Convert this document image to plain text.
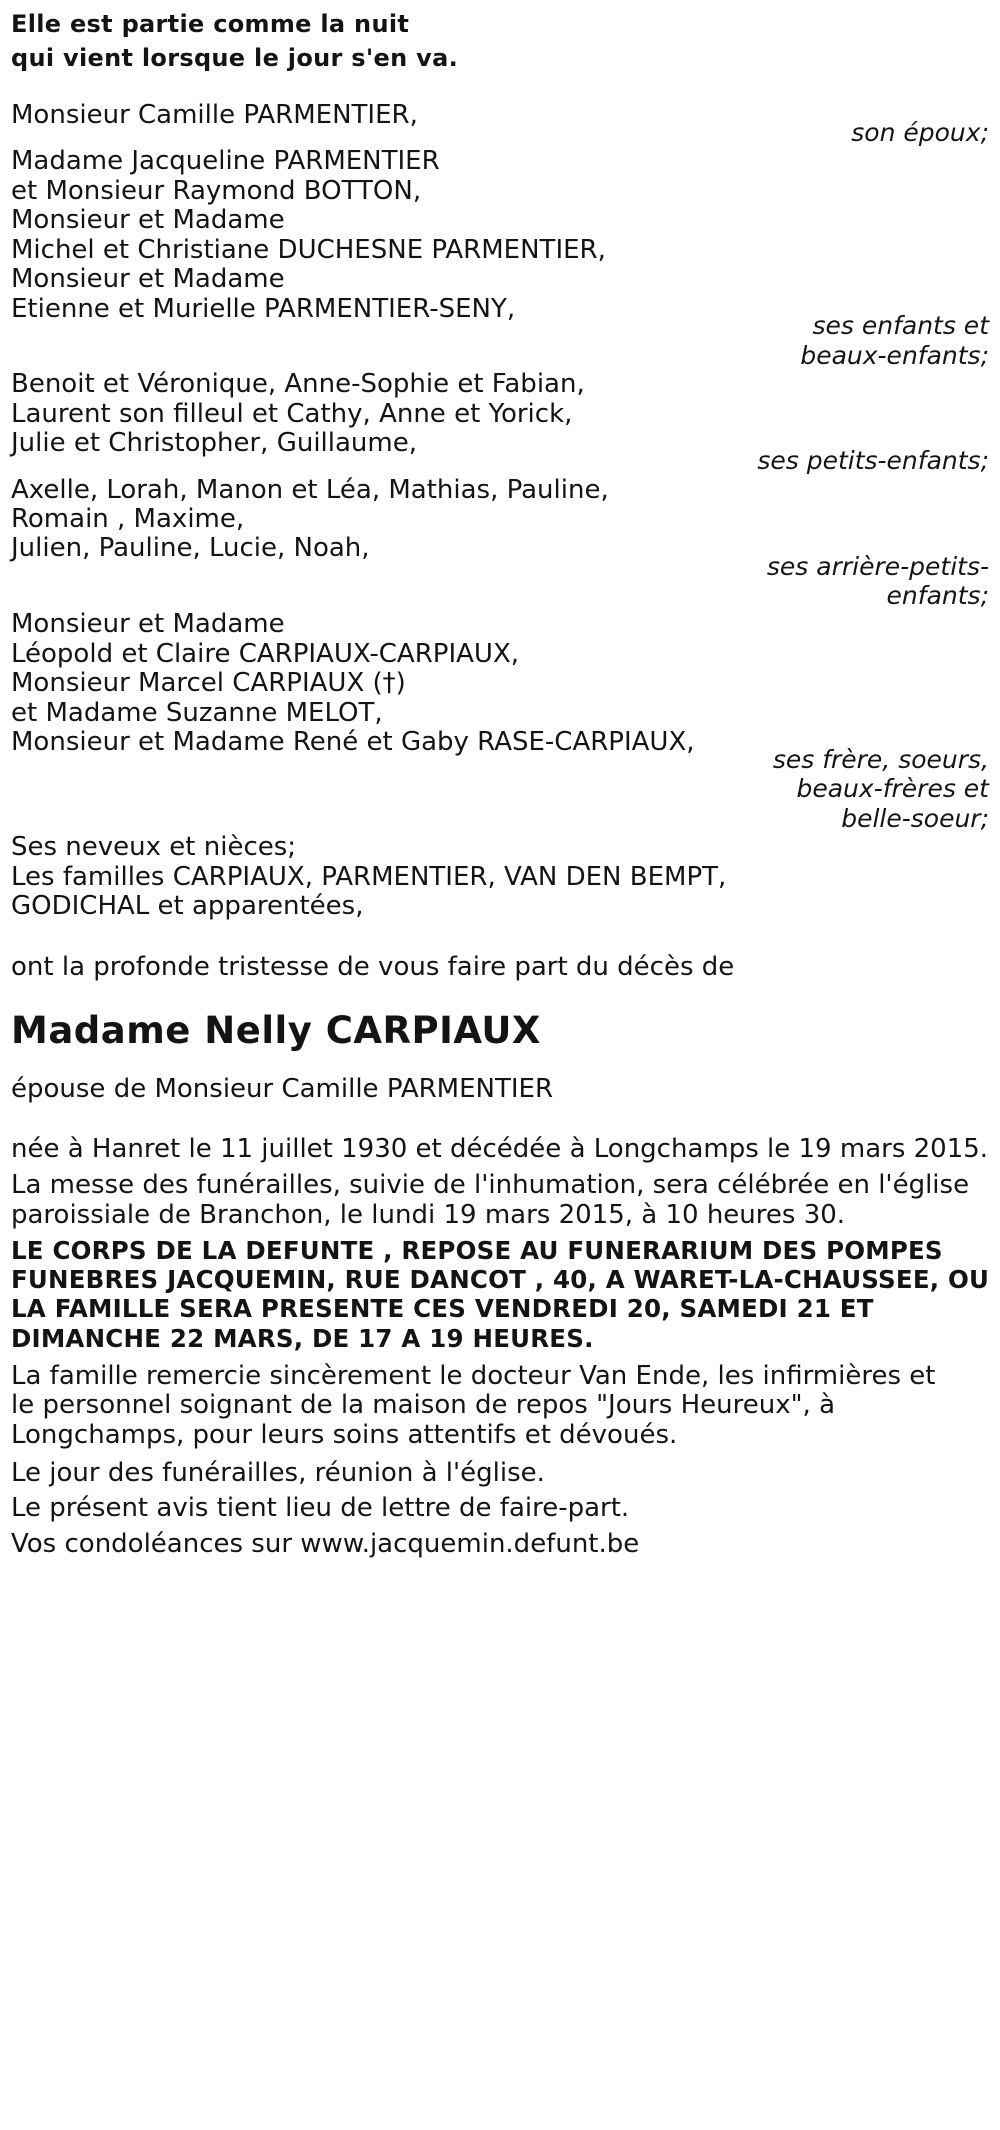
Elle est partie comme la nuit
qui vient lorsque le jour s'en va.
Monsieur Camille PARMENTIER,
son époux;
Madame Jacqueline PARMENTIER
et Monsieur Raymond BOTTON,
Monsieur et Madame
Michel et Christiane DUCHESNE PARMENTIER,
Monsieur et Madame
Etienne et Murielle PARMENTIER-SENY,
ses enfants et
beaux-enfants;
Benoit et Véronique, Anne-Sophie et Fabian,
Laurent son filleul et Cathy, Anne et Yorick,
Julie et Christopher, Guillaume,
ses petits-enfants;
Axelle, Lorah, Manon et Léa, Mathias, Pauline,
Romain , Maxime,
Julien, Pauline, Lucie, Noah,
ses arrière-petits-
enfants;
Monsieur et Madame
Léopold et Claire CARPIAUX-CARPIAUX,
Monsieur Marcel CARPIAUX (†)
et Madame Suzanne MELOT,
Monsieur et Madame René et Gaby RASE-CARPIAUX,
ses frère, soeurs,
beaux-frères et
belle-soeur;
Ses neveux et nièces;
Les familles CARPIAUX, PARMENTIER, VAN DEN BEMPT,
GODICHAL et apparentées,
ont la profonde tristesse de vous faire part du décès de
Madame Nelly CARPIAUX
épouse de Monsieur Camille PARMENTIER
née à Hanret le 11 juillet 1930 et décédée à Longchamps le 19 mars 2015.
La messe des funérailles, suivie de l'inhumation, sera célébrée en l'église
paroissiale de Branchon, le lundi 19 mars 2015, à 10 heures 30.
LE CORPS DE LA DEFUNTE , REPOSE AU FUNERARIUM DES POMPES
FUNEBRES JACQUEMIN, RUE DANCOT , 40, A WARET-LA-CHAUSSEE, OU
LA FAMILLE SERA PRESENTE CES VENDREDI 20, SAMEDI 21 ET
DIMANCHE 22 MARS, DE 17 A 19 HEURES.
La famille remercie sincèrement le docteur Van Ende, les infirmières et
le personnel soignant de la maison de repos "Jours Heureux", à
Longchamps, pour leurs soins attentifs et dévoués.
Le jour des funérailles, réunion à l'église.
Le présent avis tient lieu de lettre de faire-part.
Vos condoléances sur www.jacquemin.defunt.be
